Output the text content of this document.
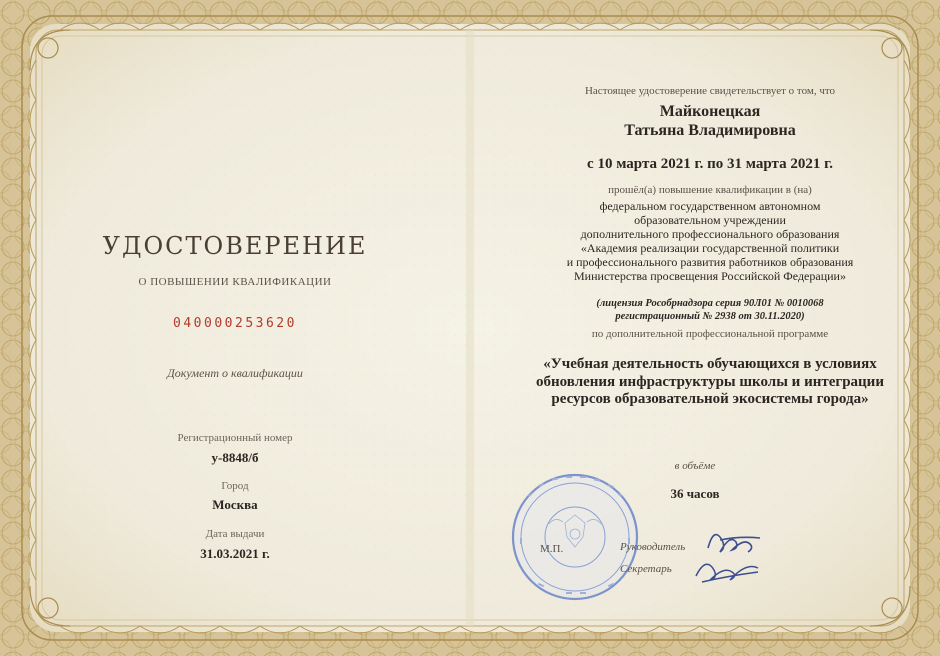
УДОСТОВЕРЕНИЕ
О ПОВЫШЕНИИ КВАЛИФИКАЦИИ
040000253620
Документ о квалификации
Регистрационный номер
у-8848/б
Город
Москва
Дата выдачи
31.03.2021 г.
Настоящее удостоверение свидетельствует о том, что
Майконецкая
Татьяна Владимировна
с 10 марта 2021 г. по 31 марта 2021 г.
прошёл(а) повышение квалификации в (на)
федеральном государственном автономном
образовательном учреждении
дополнительного профессионального образования
«Академия реализации государственной политики
и профессионального развития работников образования
Министерства просвещения Российской Федерации»
(лицензия Рособрнадзора серия 90Л01 № 0010068
регистрационный № 2938 от 30.11.2020)
по дополнительной профессиональной программе
«Учебная деятельность обучающихся в условиях
обновления инфраструктуры школы и интеграции
ресурсов образовательной экосистемы города»
в объёме
36 часов
М.П.	Руководитель
Секретарь
